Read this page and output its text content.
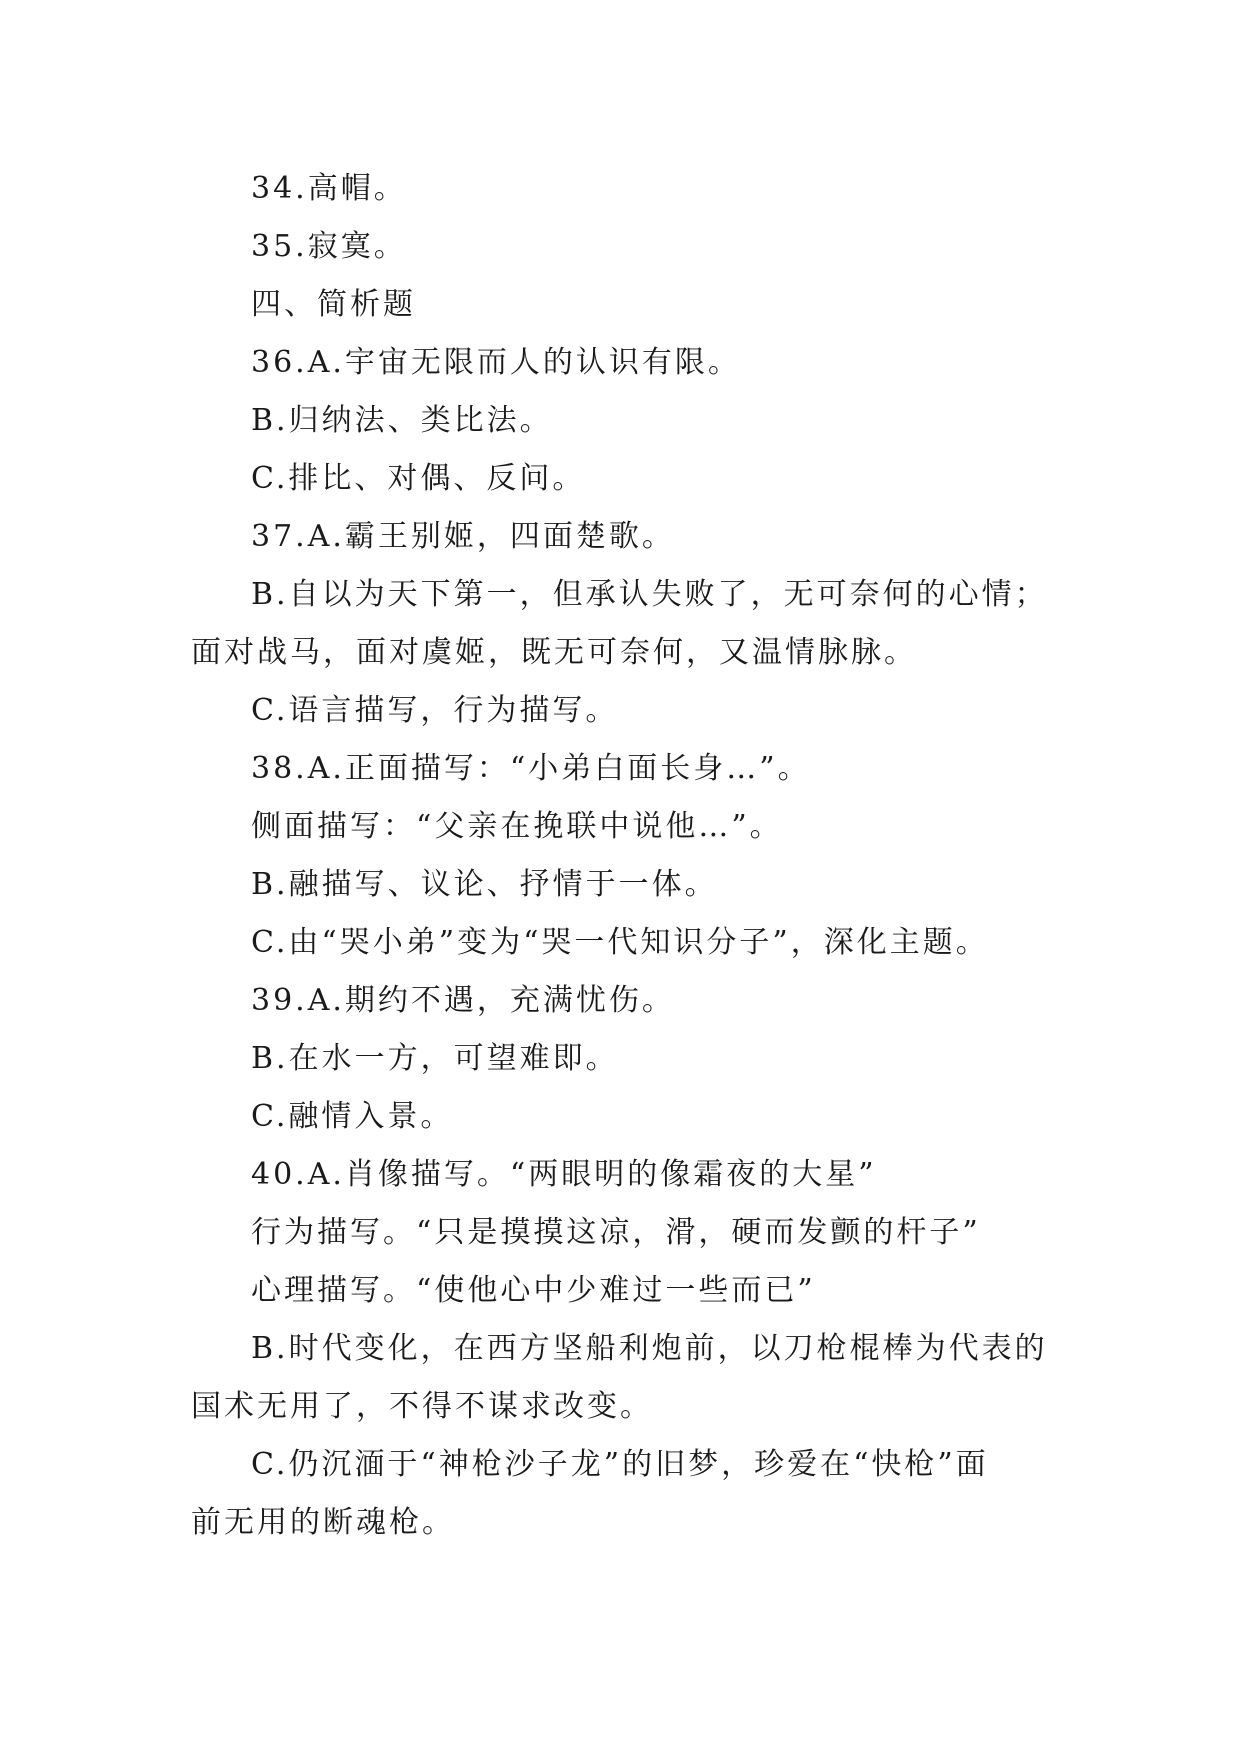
34.高帽。
35.寂寞。
四、简析题
36.A.宇宙无限而人的认识有限。
B.归纳法、类比法。
C.排比、对偶、反问。
37.A.霸王别姬，四面楚歌。
B.自以为天下第一，但承认失败了，无可奈何的心情；
面对战马，面对虞姬，既无可奈何，又温情脉脉。
C.语言描写，行为描写。
38.A.正面描写：“小弟白面长身…”。
侧面描写：“父亲在挽联中说他…”。
B.融描写、议论、抒情于一体。
C.由“哭小弟”变为“哭一代知识分子”，深化主题。
39.A.期约不遇，充满忧伤。
B.在水一方，可望难即。
C.融情入景。
40.A.肖像描写。“两眼明的像霜夜的大星”
行为描写。“只是摸摸这凉，滑，硬而发颤的杆子”
心理描写。“使他心中少难过一些而已”
B.时代变化，在西方坚船利炮前，以刀枪棍棒为代表的
国术无用了，不得不谋求改变。
C.仍沉湎于“神枪沙子龙”的旧梦，珍爱在“快枪”面
前无用的断魂枪。
